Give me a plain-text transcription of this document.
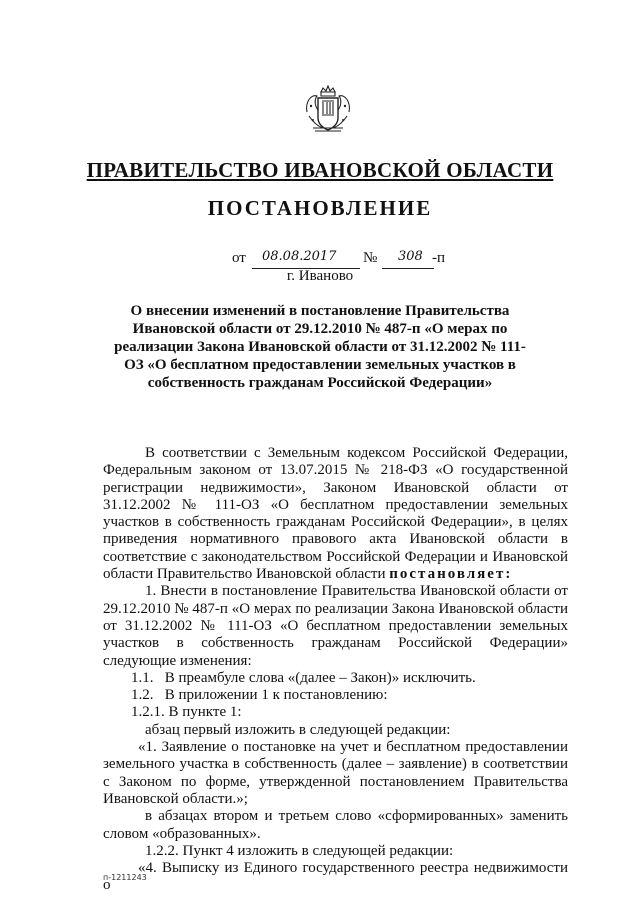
ПРАВИТЕЛЬСТВО ИВАНОВСКОЙ ОБЛАСТИ
ПОСТАНОВЛЕНИЕ
от 08.08.2017 № 308 -п
г. Иваново
О внесении изменений в постановление Правительства Ивановской области от 29.12.2010 № 487-п «О мерах по реализации Закона Ивановской области от 31.12.2002 № 111-ОЗ «О бесплатном предоставлении земельных участков в собственность гражданам Российской Федерации»

В соответствии с Земельным кодексом Российской Федерации, Федеральным законом от 13.07.2015 № 218-ФЗ «О государственной регистрации недвижимости», Законом Ивановской области от 31.12.2002 № 111-ОЗ «О бесплатном предоставлении земельных участков в собственность гражданам Российской Федерации», в целях приведения нормативного правового акта Ивановской области в соответствие с законодательством Российской Федерации и Ивановской области Правительство Ивановской области постановляет:

1. Внести в постановление Правительства Ивановской области от 29.12.2010 № 487-п «О мерах по реализации Закона Ивановской области от 31.12.2002 № 111-ОЗ «О бесплатном предоставлении земельных участков в собственность гражданам Российской Федерации» следующие изменения:

1.1.   В преамбуле слова «(далее – Закон)» исключить.

1.2.   В приложении 1 к постановлению:

1.2.1. В пункте 1:

абзац первый изложить в следующей редакции:

«1. Заявление о постановке на учет и бесплатном предоставлении земельного участка в собственность (далее – заявление) в соответствии с Законом по форме, утвержденной постановлением Правительства Ивановской области.»;

в абзацах втором и третьем слово «сформированных» заменить словом «образованных».

1.2.2. Пункт 4 изложить в следующей редакции:

«4. Выписку из Единого государственного реестра недвижимости о

п-1211243
